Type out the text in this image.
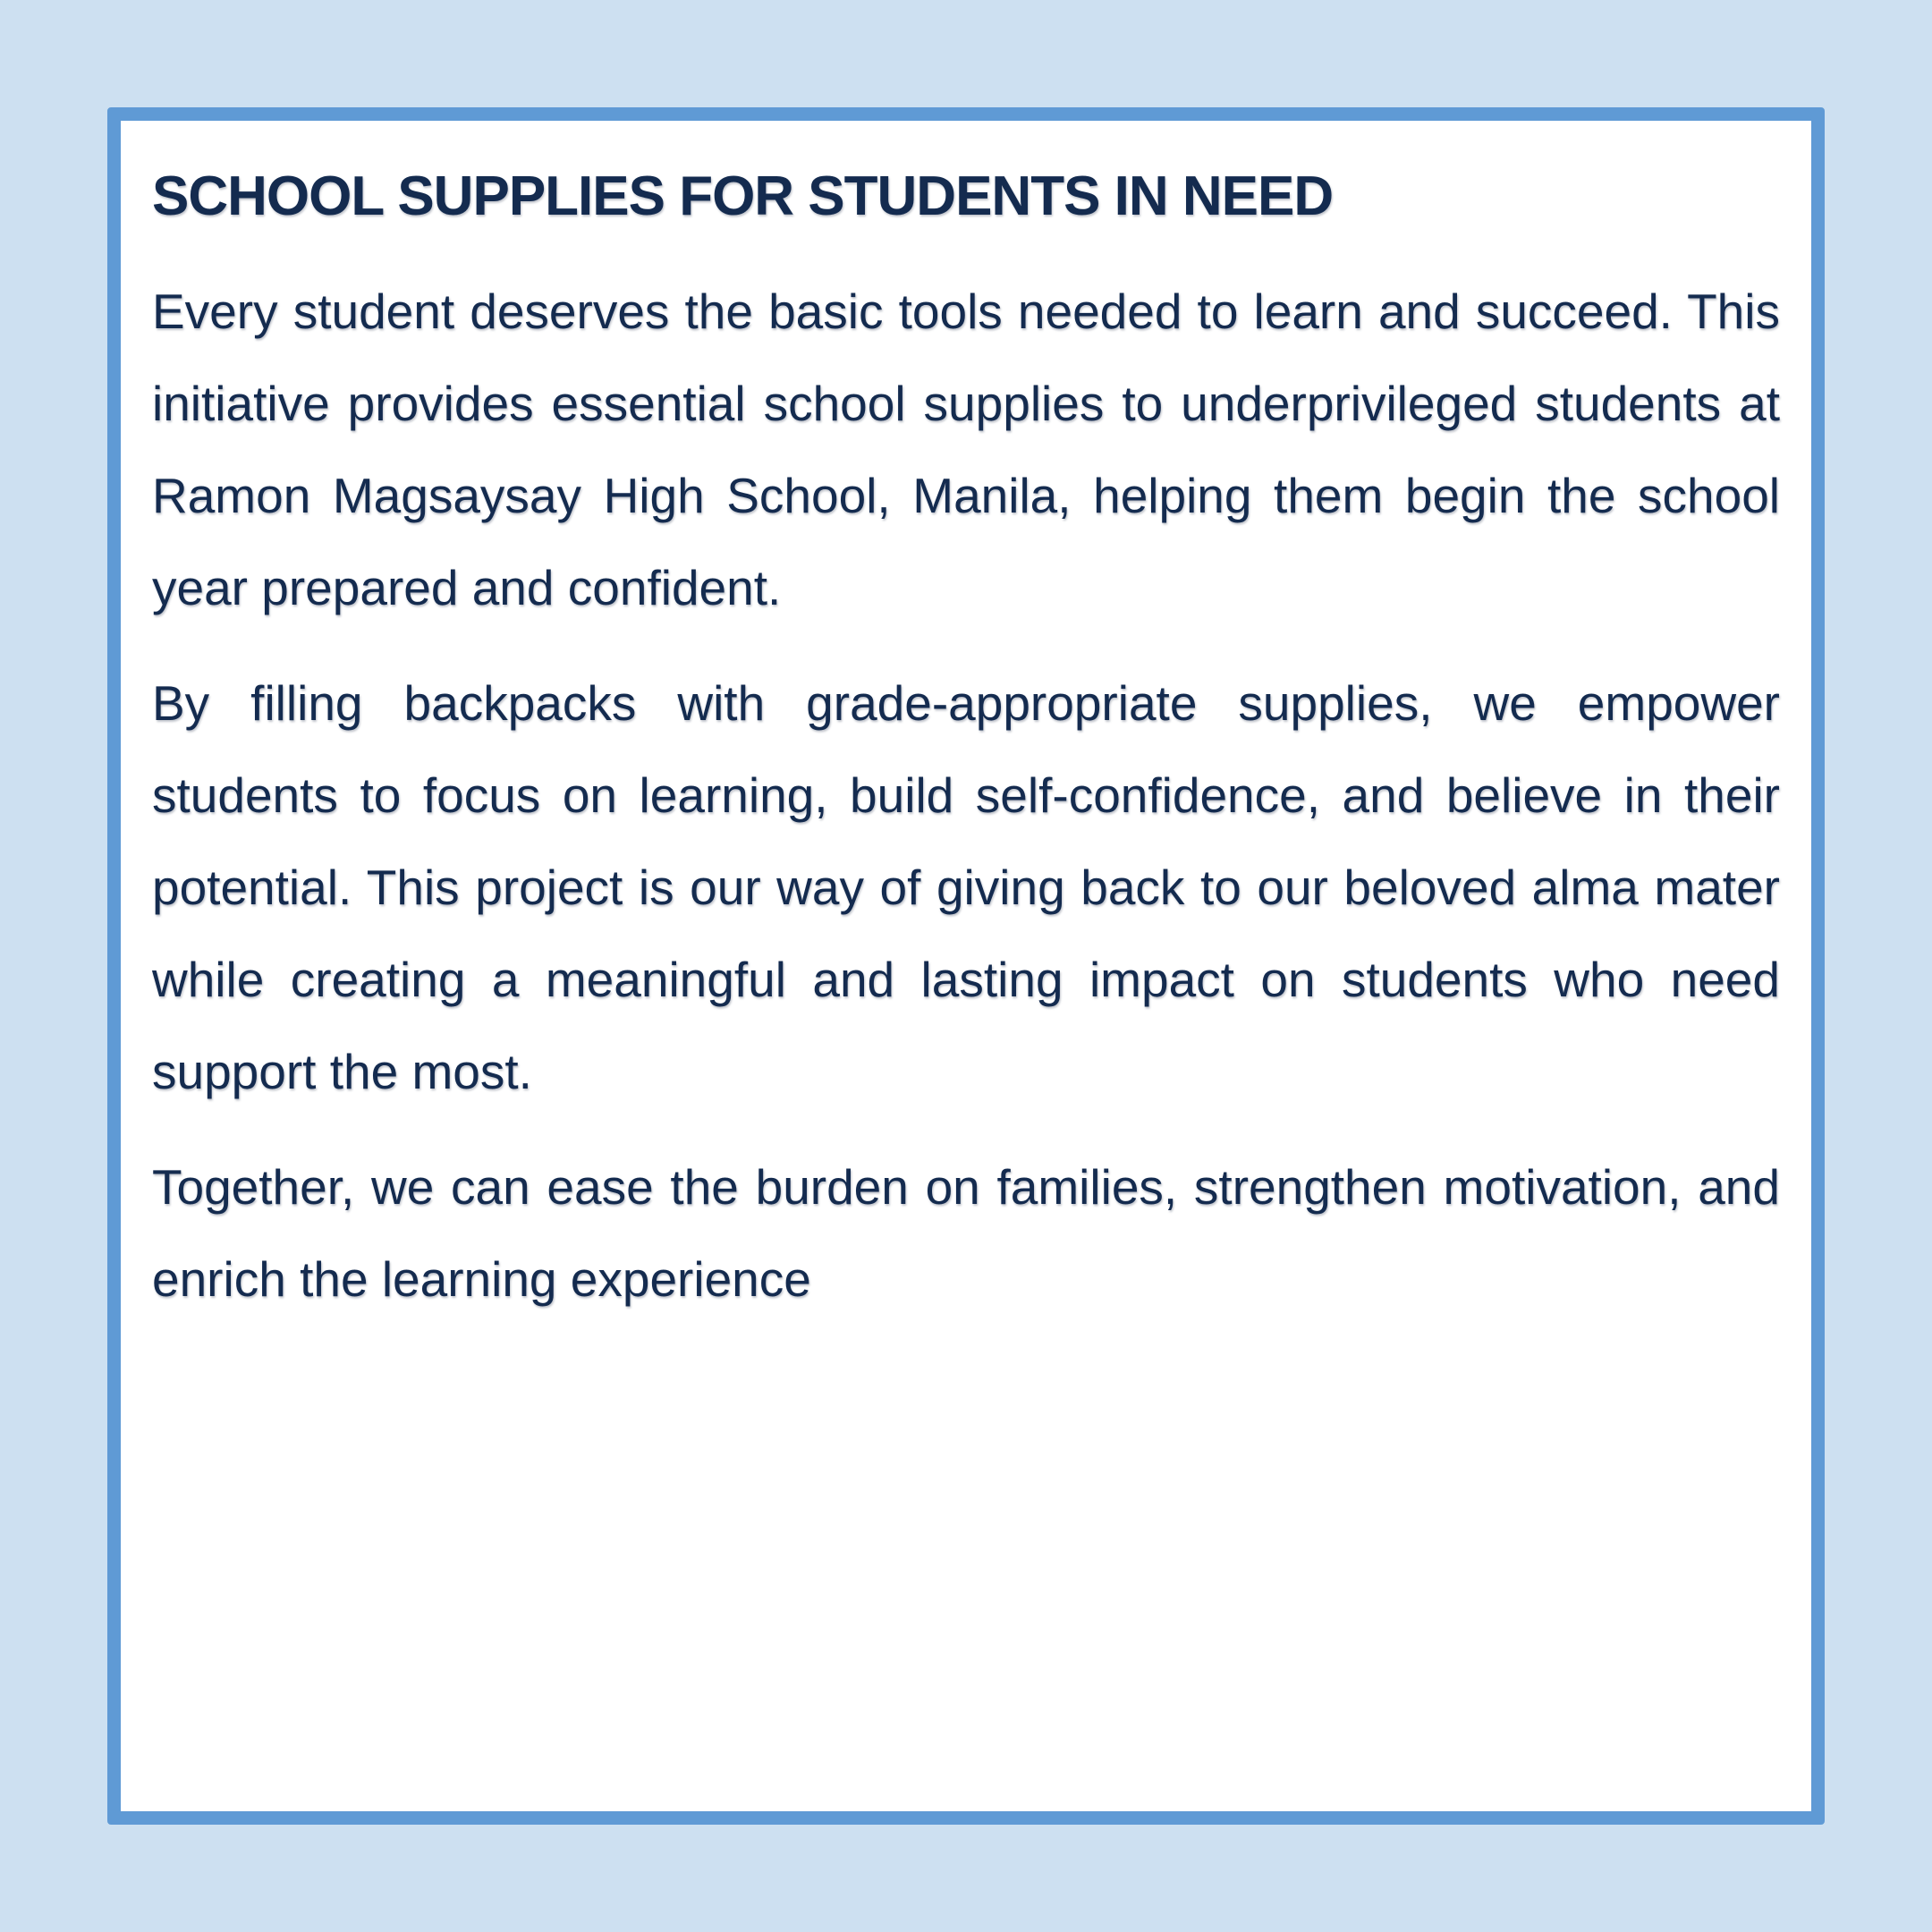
SCHOOL SUPPLIES FOR STUDENTS IN NEED

Every student deserves the basic tools needed to learn and succeed. This initiative provides essential school supplies to underprivileged students at Ramon Magsaysay High School, Manila, helping them begin the school year prepared and confident.

By filling backpacks with grade-appropriate supplies, we empower students to focus on learning, build self-confidence, and believe in their potential. This project is our way of giving back to our beloved alma mater while creating a meaningful and lasting impact on students who need support the most.

Together, we can ease the burden on families, strengthen motivation, and enrich the learning experience
